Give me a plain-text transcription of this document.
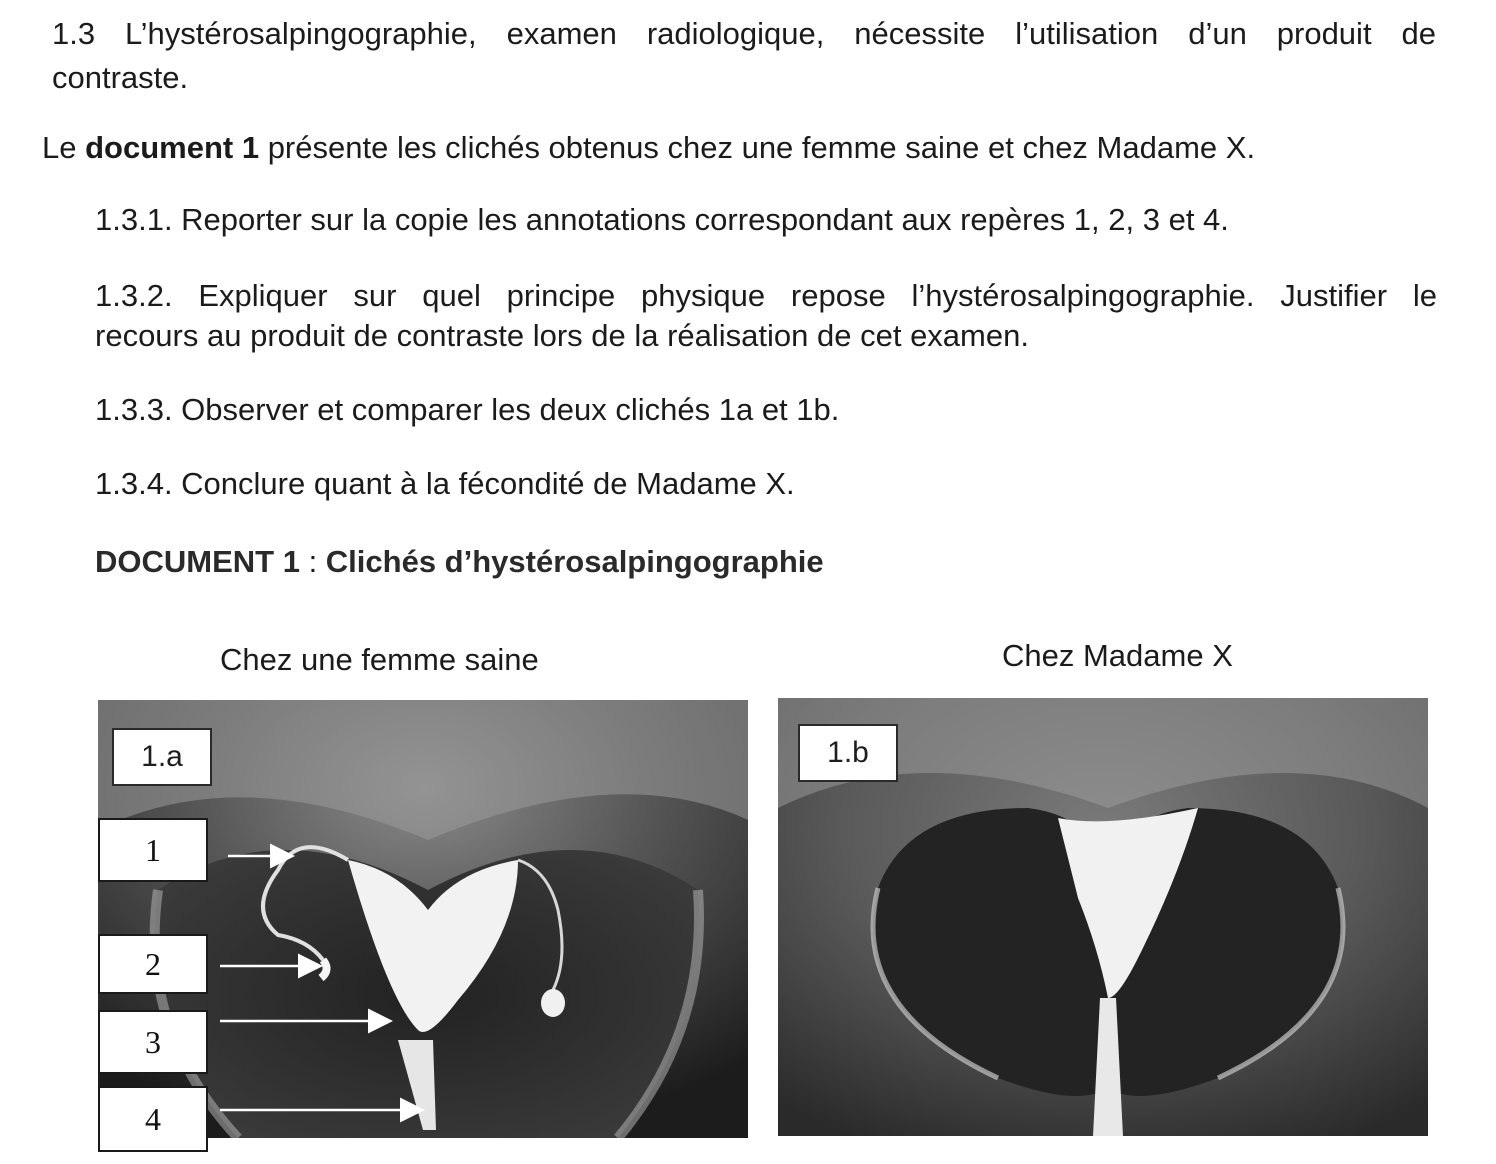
1.3 L’hystérosalpingographie, examen radiologique, nécessite l’utilisation d’un produit de
contraste.
Le document 1 présente les clichés obtenus chez une femme saine et chez Madame X.
1.3.1. Reporter sur la copie les annotations correspondant aux repères 1, 2, 3 et 4.
1.3.2. Expliquer sur quel principe physique repose l’hystérosalpingographie. Justifier le
recours au produit de contraste lors de la réalisation de cet examen.
1.3.3. Observer et comparer les deux clichés 1a et 1b.
1.3.4. Conclure quant à la fécondité de Madame X.
DOCUMENT 1 : Clichés d’hystérosalpingographie
Chez une femme saine	Chez Madame X
1.a	1.b
1
2
3
4
